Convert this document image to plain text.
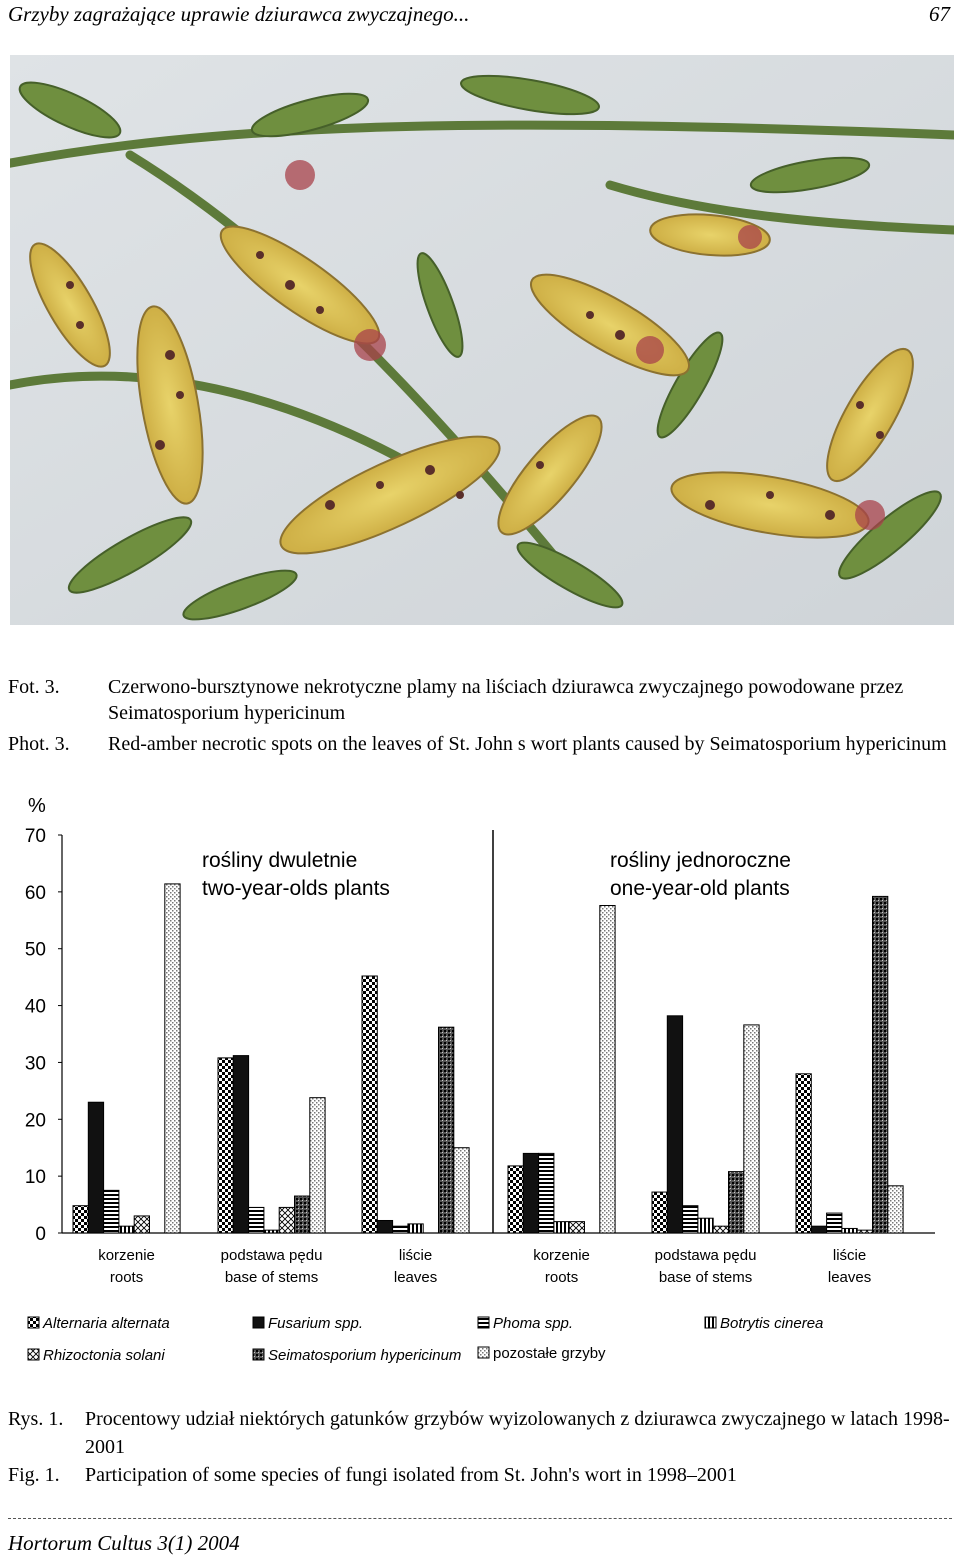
Grzyby zagrażające uprawie dziurawca zwyczajnego...	67
Fot. 3.	Czerwono-bursztynowe nekrotyczne plamy na liściach dziurawca zwyczajnego powodowane przez Seimatosporium hypericinum
Phot. 3.	Red-amber necrotic spots on the leaves of St. John s wort plants caused by Seimatosporium hypericinum
%
0
10
20
30
40
50
60
70
rośliny dwuletnie
two-year-olds plants
rośliny jednoroczne
one-year-old plants
korzenie
roots
podstawa pędu
base of stems
liście
leaves
korzenie
roots
podstawa pędu
base of stems
liście
leaves
Alternaria alternata	Fusarium spp.	Phoma spp.	Botrytis cinerea
Rhizoctonia solani	Seimatosporium hypericinum pozostałe grzyby
Rys. 1.	Procentowy udział niektórych gatunków grzybów wyizolowanych z dziurawca zwyczajnego w latach 1998-2001
Fig. 1.	Participation of some species of fungi isolated from St. John's wort in 1998–2001
Hortorum Cultus 3(1) 2004
